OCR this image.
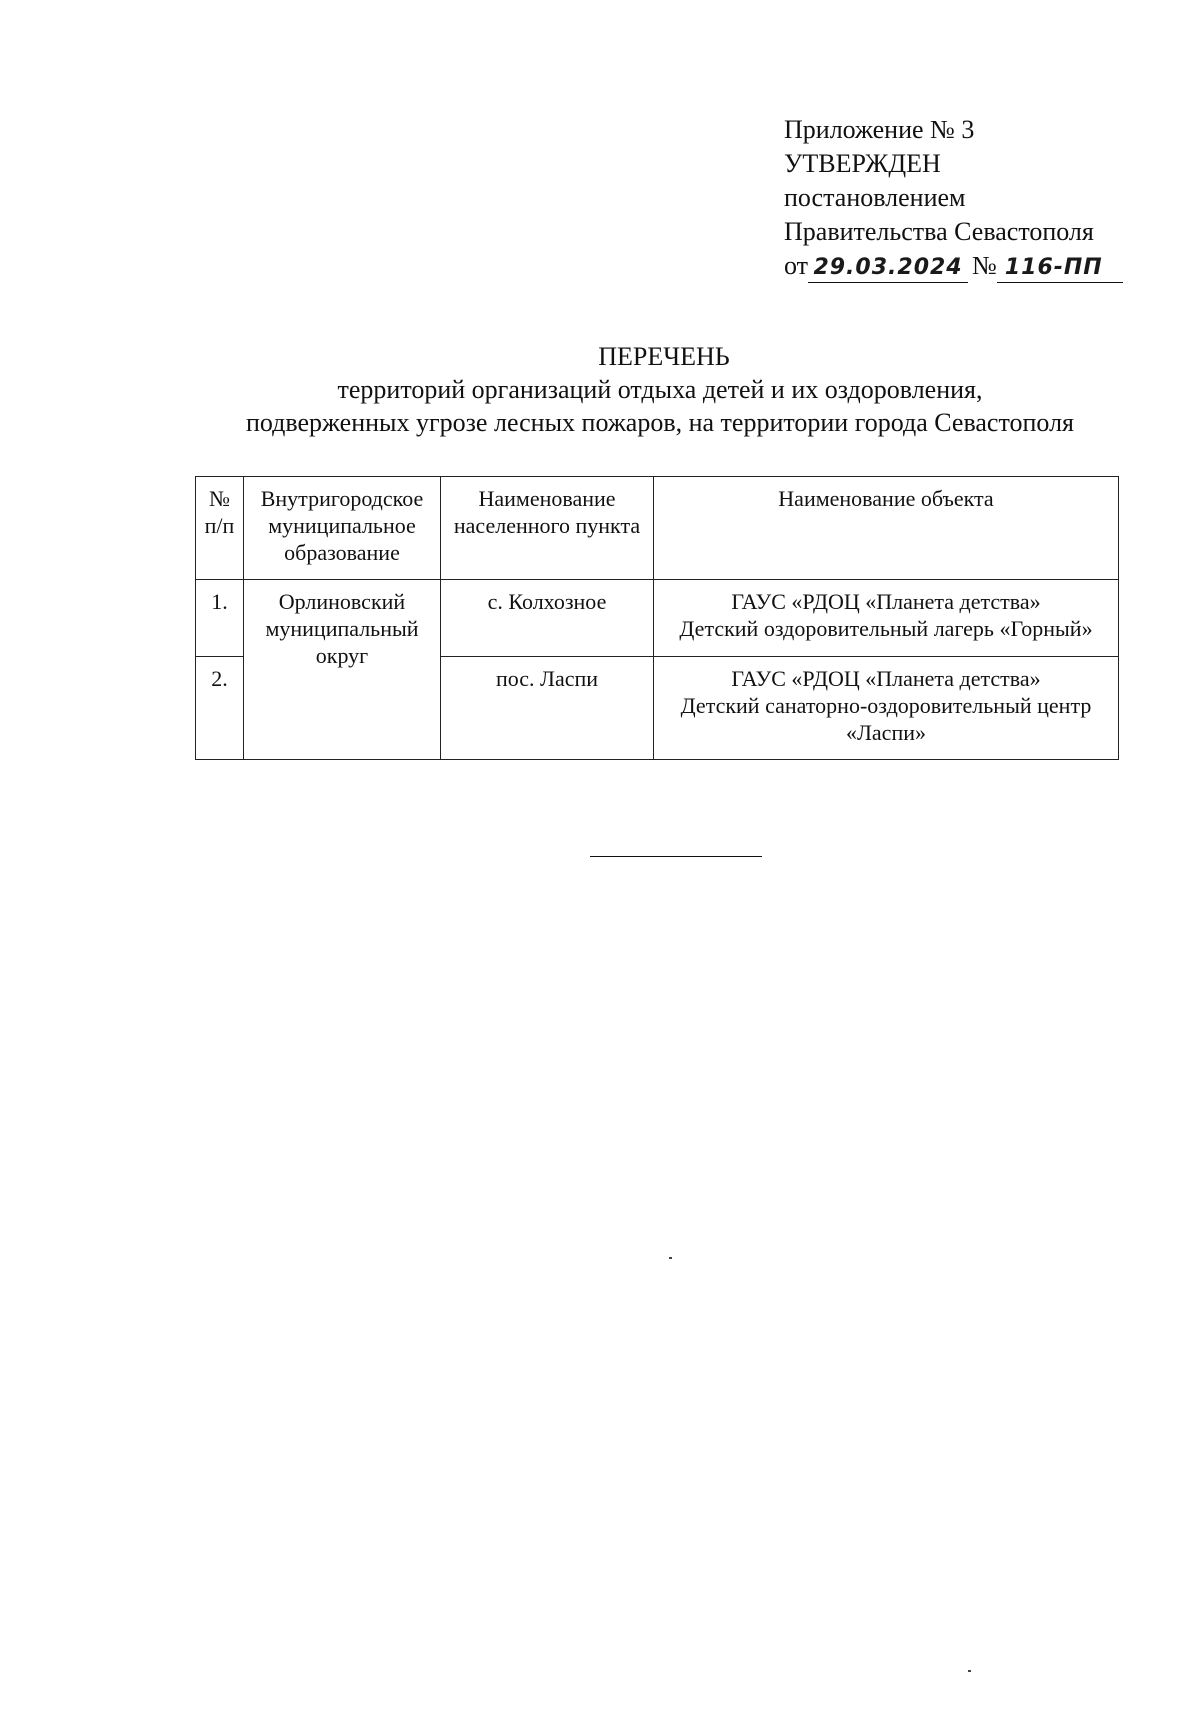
Приложение № 3
УТВЕРЖДЕН
постановлением
Правительства Севастополя
от 29.03.2024 № 116-ПП
ПЕРЕЧЕНЬ
территорий организаций отдыха детей и их оздоровления,
подверженных угрозе лесных пожаров, на территории города Севастополя
№
п/п	Внутригородское муниципальное образование	Наименование населенного пункта	Наименование объекта
1.	Орлиновский муниципальный округ	с. Колхозное	ГАУС «РДОЦ «Планета детства»
Детский оздоровительный лагерь «Горный»

2.		пос. Ласпи	ГАУС «РДОЦ «Планета детства»
Детский санаторно-оздоровительный центр «Ласпи»
